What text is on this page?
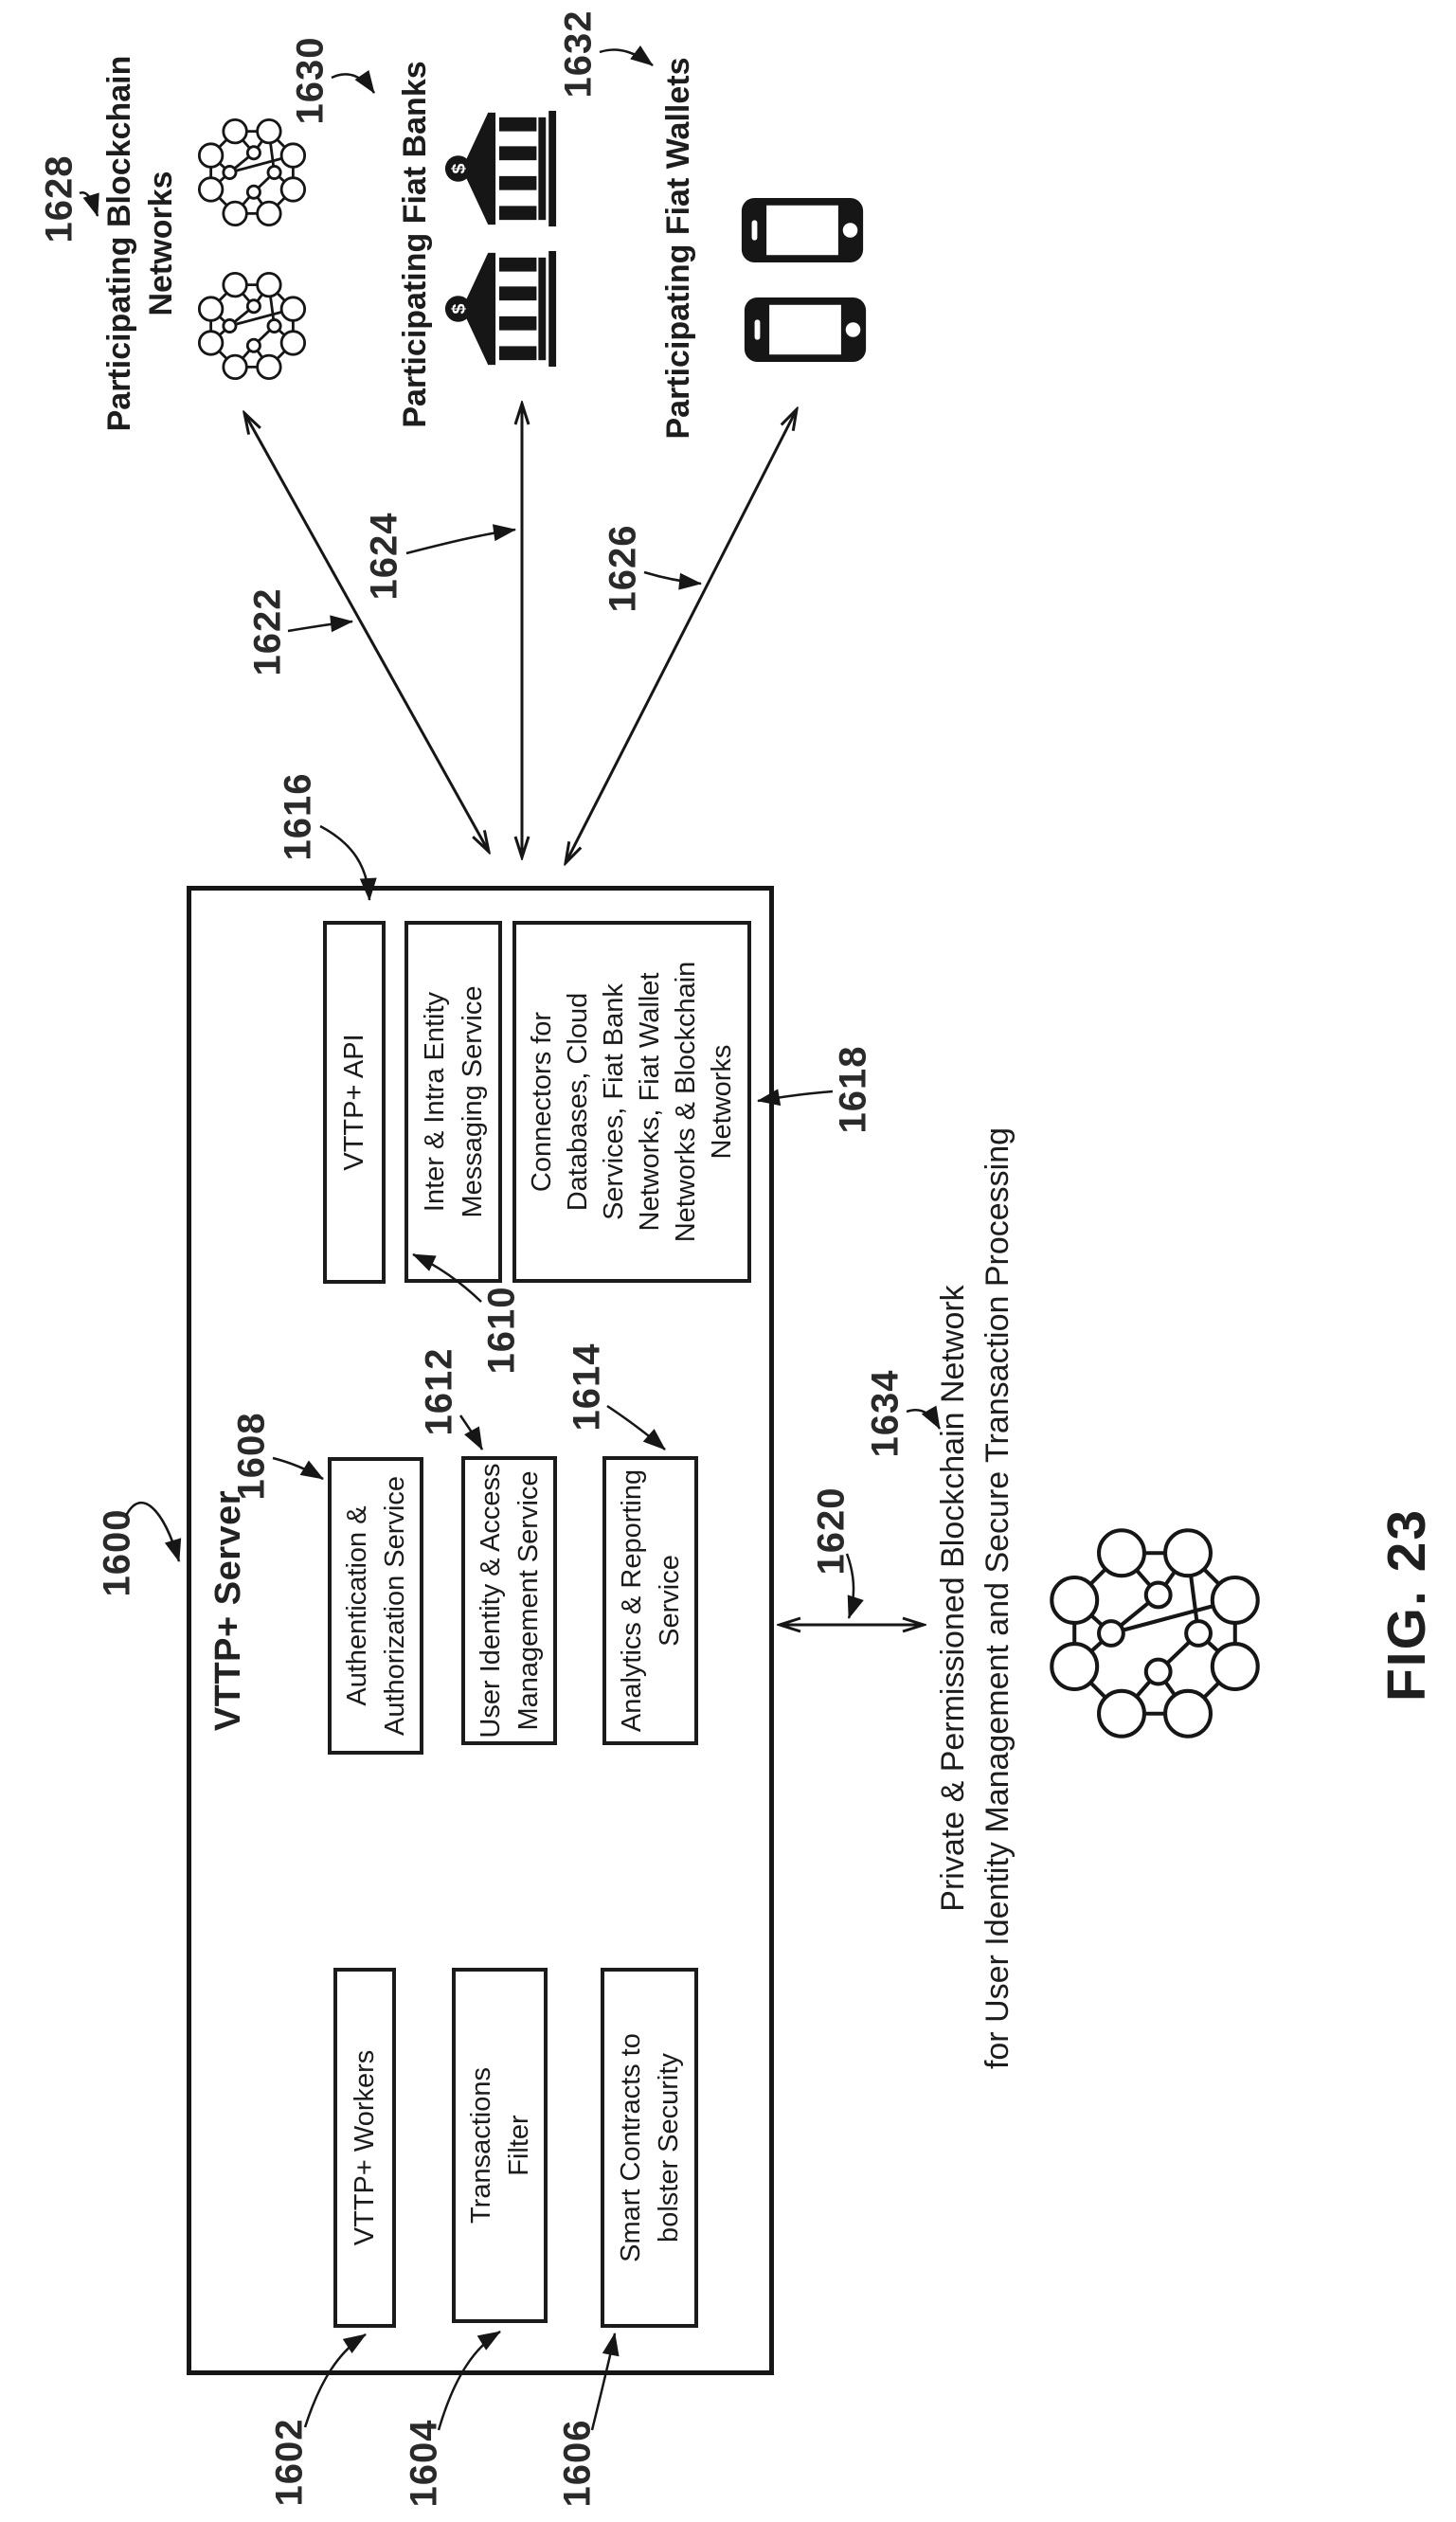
VTTP+ Server
VTTP+ Workers	Transactions Filter	Smart Contracts to bolster Security
Authentication & Authorization Service User Identity & Access Management Service	Analytics & Reporting Service
VTTP+ API Inter & Intra Entity Messaging Service Connectors for Databases, Cloud Services, Fiat Bank Networks, Fiat Wallet Networks & Blockchain Networks
Participating Blockchain Networks	Participating Fiat Banks	Participating Fiat Wallets
Private & Permissioned Blockchain Network for User Identity Management and Secure Transaction Processing	FIG. 23
1600
1602 1604	1606
1608
1610
1612	1614
1616
1618
1620
1622
1624	1626
1628
1630	1632
1634
$
$
